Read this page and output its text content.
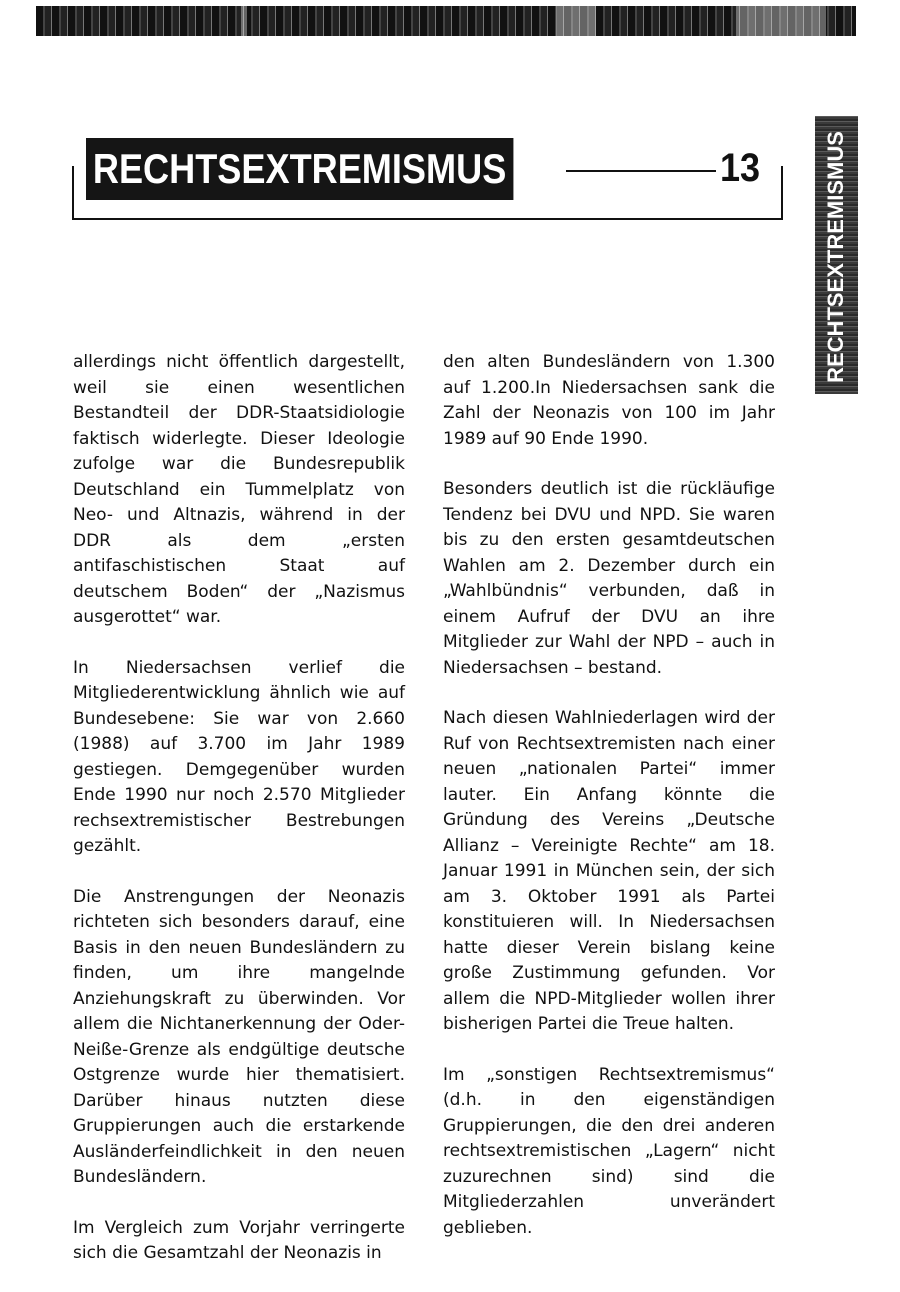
RECHTSEXTREMISMUS	13	RECHTSEXTREMISMUS

allerdings nicht öffentlich dargestellt, weil sie einen wesentlichen Bestandteil der DDR-Staatsidiologie faktisch widerlegte. Dieser Ideologie zufolge war die Bundesrepublik Deutschland ein Tummelplatz von Neo- und Altnazis, während in der DDR als dem „ersten antifaschistischen Staat auf deutschem Boden“ der „Nazismus ausgerottet“ war.

In Niedersachsen verlief die Mitgliederentwicklung ähnlich wie auf Bundesebene: Sie war von 2.660 (1988) auf 3.700 im Jahr 1989 gestiegen. Demgegenüber wurden Ende 1990 nur noch 2.570 Mitglieder rechsextremistischer Bestrebungen gezählt.

Die Anstrengungen der Neonazis richteten sich besonders darauf, eine Basis in den neuen Bundesländern zu finden, um ihre mangelnde Anziehungskraft zu überwinden. Vor allem die Nichtanerkennung der Oder-Neiße-Grenze als endgültige deutsche Ostgrenze wurde hier thematisiert. Darüber hinaus nutzten diese Gruppierungen auch die erstarkende Ausländerfeindlichkeit in den neuen Bundesländern.

Im Vergleich zum Vorjahr verringerte sich die Gesamtzahl der Neonazis in

den alten Bundesländern von 1.300 auf 1.200.In Niedersachsen sank die Zahl der Neonazis von 100 im Jahr 1989 auf 90 Ende 1990.

Besonders deutlich ist die rückläufige Tendenz bei DVU und NPD. Sie waren bis zu den ersten gesamtdeutschen Wahlen am 2. Dezember durch ein „Wahlbündnis“ verbunden, daß in einem Aufruf der DVU an ihre Mitglieder zur Wahl der NPD – auch in Niedersachsen – bestand.

Nach diesen Wahlniederlagen wird der Ruf von Rechtsextremisten nach einer neuen „nationalen Partei“ immer lauter. Ein Anfang könnte die Gründung des Vereins „Deutsche Allianz – Vereinigte Rechte“ am 18. Januar 1991 in München sein, der sich am 3. Oktober 1991 als Partei konstituieren will. In Niedersachsen hatte dieser Verein bislang keine große Zustimmung gefunden. Vor allem die NPD-Mitglieder wollen ihrer bisherigen Partei die Treue halten.

Im „sonstigen Rechtsextremismus“ (d.h. in den eigenständigen Gruppierungen, die den drei anderen rechtsextremistischen „Lagern“ nicht zuzurechnen sind) sind die Mitgliederzahlen unverändert geblieben.
